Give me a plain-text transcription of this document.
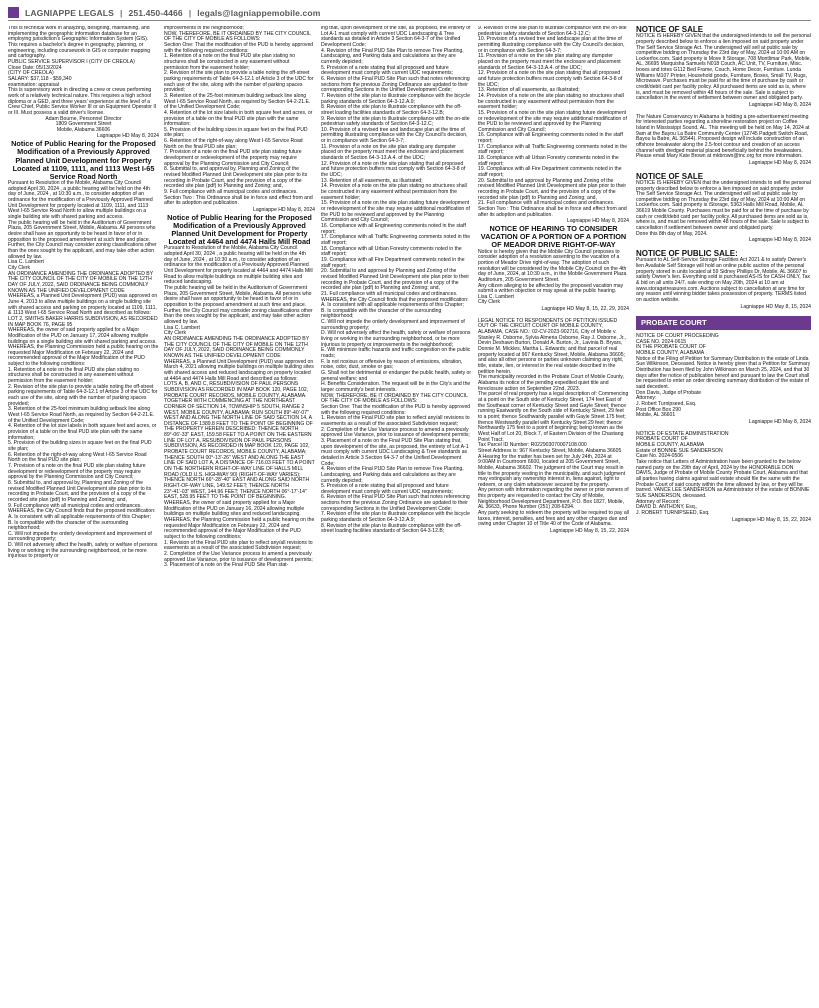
LAGNIAPPE LEGALS | 251.450-4466 | legals@lagniappemobile.com

This is technical work in analyzing, designing, maintaining, and implementing the geographic information database for an employing jurisdiction's Geographic Information System (GIS). This requires a bachelor's degree in geography, planning, or engineering, including coursework in GIS or computer mapping and cartography.
PUBLIC SERVICE SUPERVISOR I (CITY OF CREOLA)
Close Date: 05/13/2024
(CITY OF CREOLA)
SALARY: $37,118 - $59,340
examination: appraisal
This is supervisory work in directing a crew or crews performing work of a relatively technical nature. This requires a high school diploma or a GED, and three years' experience at the level of a Crew Chief, Public Service Worker III or an Equipment Operator II or III. Must possess a valid driver's license.

Adam Bourne, Personnel Director
1809 Government Street
Mobile, Alabama 36606

Lagniappe HD May 8, 2024

Notice of Public Hearing for the Proposed Modification of a Previously Approved Planned Unit Development for Property Located at 1109, 1111, and 1113 West I-65 Service Road North

Pursuant to Resolution of the Mobile, Alabama City Council adopted April 30, 2024 , a public hearing will be held on the 4th day of June, 2024 , at 10:30 a.m., to consider adoption of an ordinance for the modification of a Previously Approved Planned Unit Development for property located at 1109, 1111, and 1113 West I-65 Service Road North to allow multiple buildings on a single building site with shared parking and access.
The public hearing will be held in the Auditorium of Government Plaza, 205 Government Street, Mobile, Alabama. All persons who desire shall have an opportunity to be heard in favor of or in opposition to the proposed amendment at such time and place. Further, the City Council may consider zoning classifications other than the ones sought by the applicant, and may take other action allowed by law.
Lisa C. Lambert
City Clerk
AN ORDINANCE AMENDING THE ORDINANCE ADOPTED BY THE CITY COUNCIL OF THE CITY OF MOBILE ON THE 12TH DAY OF JULY, 2022, SAID ORDINANCE BEING COMMONLY KNOWN AS THE UNIFIED DEVELOPMENT CODE
WHEREAS, a Planned Unit Development (PUD) was approved on June 4, 2013 to allow multiple buildings on a single building site with shared access and parking on property located at 1109, 1111, & 1113 West I-65 Service Road North and described as follows:
LOT 2, SMITHS BAKER HARRIS SUBDIVISION, AS RECORDED IN MAP BOOK 76, PAGE 95
WHEREAS, the owner of said property applied for a Major Modification of the PUD on January 17, 2024 allowing multiple buildings on a single building site with shared parking and access.
WHEREAS, the Planning Commission held a public hearing on the requested Major Modification on February 22, 2024 and recommended approval of the Major Modification of the PUD subject to the following conditions:
1. Retention of a note on the final PUD site plan stating no structures shall be constructed in any easement without permission from the easement holder;
2. Revision of the site plan to provide a table noting the off-street parking requirements of Table 64-3-12.1 of Article 3 of the UDC for each use of the site, along with the number of parking spaces provided;
3. Retention of the 25-foot minimum building setback line along West I-65 Service Road North, as required by Section 64-2-21.E. of the Unified Development Code;
4. Retention of the lot size labels in both square feet and acres, or provision of a table on the final PUD site plan with the same information;
5. Provision of the building sizes in square feet on the final PUD site plan;
6. Retention of the right-of-way along West I-65 Service Road North on the final PUD site plan;
7. Provision of a note on the final PUD site plan stating future development or redevelopment of the property may require approval by the Planning Commission and City Council;
8. Submittal to, and approval by, Planning and Zoning of the revised Modified Planned Unit Development site plan prior to its recording in Probate Court, and the provision of a copy of the recorded site plan (pdf) to Planning and Zoning; and,
9. Full compliance with all municipal codes and ordinances.
WHEREAS, the City Council finds that the proposed modification:
A. Is consistent with all applicable requirements of this Chapter;
B. Is compatible with the character of the surrounding neighborhood;
C. Will not impede the orderly development and improvement of surrounding property;
D. Will not adversely affect the health, safety or welfare of persons living or working in the surrounding neighborhood, or be more injurious to property or

improvements in the neighborhood;
NOW, THEREFORE, BE IT ORDAINED BY THE CITY COUNCIL OF THE CITY OF MOBILE AS FOLLOWS:
Section One: That the modification of the PUD is hereby approved with the following required conditions:
1. Retention of a note on the final PUD site plan stating no structures shall be constructed in any easement without permission from the easement holder;
2. Revision of the site plan to provide a table noting the off-street parking requirements of Table 64-3-12.1 of Article 3 of the UDC for each use of the site, along with the number of parking spaces provided;
3. Retention of the 25-foot minimum building setback line along West I-65 Service Road North, as required by Section 64-2-21.E. of the Unified Development Code;
4. Retention of the lot size labels in both square feet and acres, or provision of a table on the final PUD site plan with the same information;
5. Provision of the building sizes in square feet on the final PUD site plan;
6. Retention of the right-of-way along West I-65 Service Road North on the final PUD site plan;
7. Provision of a note on the final PUD site plan stating future development or redevelopment of the property may require approval by the Planning Commission and City Council;
8. Submittal to, and approval by, Planning and Zoning of the revised Modified Planned Unit Development site plan prior to its recording in Probate Court, and the provision of a copy of the recorded site plan (pdf) to Planning and Zoning; and,
9. Full compliance with all municipal codes and ordinances.
Section Two : This Ordinance shall be in force and effect from and after its adoption and publication.

Lagniappe HD May 8, 2024

Notice of Public Hearing for the Proposed Modification of a Previously Approved Planned Unit Development for Property Located at 4464 and 4474 Halls Mill Road

Pursuant to Resolution of the Mobile, Alabama City Council adopted April 30, 2024 , a public hearing will be held on the 4th day of June, 2024 , at 10:30 a.m., to consider adoption of an ordinance for the modification of a Previously Approved Planned Unit Development for property located at 4464 and 4474 Halls Mill Road to allow multiple buildings on multiple building sites and reduced landscaping.
The public hearing will be held in the Auditorium of Government Plaza, 205 Government Street, Mobile, Alabama. All persons who desire shall have an opportunity to be heard in favor of or in opposition to the proposed amendment at such time and place. Further, the City Council may consider zoning classifications other than the ones sought by the applicant, and may take other action allowed by law.
Lisa C. Lambert
City Clerk
AN ORDINANCE AMENDING THE ORDINANCE ADOPTED BY THE CITY COUNCIL OF THE CITY OF MOBILE ON THE 12TH DAY OF JULY, 2022, SAID ORDINANCE BEING COMMONLY KNOWN AS THE UNIFIED DEVELOPMENT CODE
WHEREAS, a Planned Unit Development (PUD) was approved on March 4, 2021 allowing multiple buildings on multiple building sites with shared access and reduced landscaping on property located at 4464 and 4474 Halls Mill Road and described as follows:
LOTS A, B, AND C, RESUBDIVISION OF PAUL PERSONS SUBDIVISION AS RECORDED IN MAP BOOK 120, PAGE 102, PROBATE COURT RECORDS, MOBILE COUNTY, ALABAMA.
TOGETHER WITH COMMENCING AT THE NORTHEAST CORNER OF SECTION 14, TOWNSHIP 5 SOUTH, RANGE 2 WEST, MOBILE COUNTY, ALABAMA; RUN SOUTH 89°-40'-07" WEST AND ALONG THE NORTH LINE OF SAID SECTION 14, A DISTANCE OF 1389.8 FEET TO THE POINT OF BEGINNING OF THE PROPERTY HEREIN DESCRIBED: THENCE NORTH 89°-06'-33" EAST, 159.58 FEET TO A POINT ON THE EASTERN LINE OF LOT A, RESUBDIVISION OF PAUL PERSONS SUBDIVISION, AS RECORDED IN MAP BOOK 120, PAGE 102, PROBATE COURT RECORDS, MOBILE COUNTY, ALABAMA; THENCE SOUTH 00°-13'-26" WEST AND ALONG THE EAST LINE OF SAID LOT A, A DISTANCE OF 716.03 FEET TO A POINT ON THE NORTHERN RIGHT-OF-WAY LINE OF HALLS MILL ROAD (OLD U.S. HIGHWAY 90) (RIGHT-OF-WAY VARIES); THENCE NORTH 66°-28'-40" EAST AND ALONG SAID NORTH RIGHT-OF-WAY LINE, 149.52 FEET; THENCE NORTH 23°-41'-03" WEST, 144.96 FEET; THENCE NORTH 06°-17'-14" EAST, 528.95 FEET TO THE POINT OF BEGINNING.
WHEREAS, the owner of said property applied for a Major Modification of the PUD on January 16, 2024 allowing multiple buildings on multiple building sites and reduced landscaping.
WHEREAS, the Planning Commission held a public hearing on the requested Major Modification on February 22, 2024 and recommended approval of the Major Modification of the PUD subject to the following conditions:
1. Revision of the Final PUD site plan to reflect any/all revisions to easements as a result of the associated Subdivision request;
2. Completion of the Use Variance process to amend a previously approved Use Variance, prior to issuance of development permits;
3. Placement of a note on the Final PUD Site Plan stat-

ing that, upon development of the site, as proposed, the entirety of Lot A-1 must comply with current UDC Landscaping & Tree standards as detailed in Article 3 Section 64-3-7 of the Unified Development Code;
4. Revision of the Final PUD Site Plan to remove Tree Planting, Landscaping, and Parking data and calculations as they are currently depicted;
5. Provision of a note stating that all proposed and future development must comply with current UDC requirements;
6. Revision of the Final PUD Site Plan such that notes referencing sections from the previous Zoning Ordinance are updated to their corresponding Sections in the Unified Development Code;
7. Revision of the site plan to illustrate compliance with the bicycle parking standards of Section 64-3-12.A.9;
8. Revision of the site plan to illustrate compliance with the off-street loading facilities standards of Section 64-3-12.B;
9. Revision of the site plan to illustrate compliance with the on-site pedestrian safety standards of Section 64-3-12.C;
10. Provision of a revised tree and landscape plan at the time of permitting illustrating compliance with the City Council's decision, or in compliance with Section 64-3-7;
11. Provision of a note on the site plan stating any dumpster placed on the property must meet the enclosure and placement standards of Section 64-3-13.A.4. of the UDC;
12. Provision of a note on the site plan stating that all proposed and future protection buffers must comply with Section 64-3-8 of the UDC;
13. Retention of all easements, as illustrated;
14. Provision of a note on the site plan stating no structures shall be constructed in any easement without permission from the easement holder;
15. Provision of a note on the site plan stating future development or redevelopment of the site may require additional modification of the PUD to be reviewed and approved by the Planning Commission and City Council;
16. Compliance with all Engineering comments noted in the staff report;
17. Compliance with all Traffic Engineering comments noted in the staff report;
18. Compliance with all Urban Forestry comments noted in the staff report;
19. Compliance with all Fire Department comments noted in the staff report;
20. Submittal to and approval by Planning and Zoning of the revised Modified Planned Unit Development site plan prior to their recording in Probate Court, and the provision of a copy of the recorded site plan (pdf) to Planning and Zoning; and,
21. Full compliance with all municipal codes and ordinances.
WHEREAS, the City Council finds that the proposed modification:
A. Is consistent with all applicable requirements of this Chapter;
B. Is compatible with the character of the surrounding neighborhood;
C. Will not impede the orderly development and improvement of surrounding property;
D. Will not adversely affect the health, safety or welfare of persons living or working in the surrounding neighborhood, or be more injurious to property or improvements in the neighborhood;
E. Will minimize traffic hazards and traffic congestion on the public roads;
F. Is not noxious or offensive by reason of emissions, vibration, noise, odor, dust, smoke or gas;
G. Shall not be detrimental or endanger the public health, safety or general welfare; and
H. Benefits Consideration. The request will be in the City's and the larger community's best interests.
NOW, THEREFORE, BE IT ORDAINED BY THE CITY COUNCIL OF THE CITY OF MOBILE AS FOLLOWS:
Section One: That the modification of the PUD is hereby approved with the following required conditions:
1. Revision of the Final PUD site plan to reflect any/all revisions to easements as a result of the associated Subdivision request;
2. Completion of the Use Variance process to amend a previously approved Use Variance, prior to issuance of development permits;
3. Placement of a note on the Final PUD Site Plan stating that, upon development of the site, as proposed, the entirety of Lot A-1 must comply with current UDC Landscaping & Tree standards as detailed in Article 3 Section 64-3-7 of the Unified Development Code;
4. Revision of the Final PUD Site Plan to remove Tree Planting, Landscaping, and Parking data and calculations as they are currently depicted;
5. Provision of a note stating that all proposed and future development must comply with current UDC requirements;
6. Revision of the Final PUD Site Plan such that notes referencing sections from the previous Zoning Ordinance are updated to their corresponding Sections in the Unified Development Code;
7. Revision of the site plan to illustrate compliance with the bicycle parking standards of Section 64-3-12.A.9;
8. Revision of the site plan to illustrate compliance with the off-street loading facilities standards of Section 64-3-12.B;

9. Revision of the site plan to illustrate compliance with the on-site pedestrian safety standards of Section 64-3-12.C;
10. Provision of a revised tree and landscape plan at the time of permitting illustrating compliance with the City Council's decision, or in compliance with Section 64-3-7;
11. Provision of a note on the site plan stating any dumpster placed on the property must meet the enclosure and placement standards of Section 64-3-13.A.4. of the UDC;
12. Provision of a note on the site plan stating that all proposed and future protection buffers must comply with Section 64-3-8 of the UDC;
13. Retention of all easements, as illustrated;
14. Provision of a note on the site plan stating no structures shall be constructed in any easement without permission from the easement holder;
15. Provision of a note on the site plan stating future development or redevelopment of the site may require additional modification of the PUD to be reviewed and approved by the Planning Commission and City Council;
16. Compliance with all Engineering comments noted in the staff report;
17. Compliance with all Traffic Engineering comments noted in the staff report;
18. Compliance with all Urban Forestry comments noted in the staff report;
19. Compliance with all Fire Department comments noted in the staff report;
20. Submittal to and approval by Planning and Zoning of the revised Modified Planned Unit Development site plan prior to their recording in Probate Court, and the provision of a copy of the recorded site plan (pdf) to Planning and Zoning; and,
21. Full compliance with all municipal codes and ordinances.
Section Two : This Ordinance shall be in force and effect from and after its adoption and publication.

Lagniappe HD May 8, 2024

NOTICE OF HEARING TO CONSIDER VACATION OF A PORTION OF A PORTION OF MEADOR DRIVE RIGHT-OF-WAY

Notice is hereby given that the Mobile City Council proposes to consider adoption of a resolution assenting to the vacation of a portion of Meador Drive right-of-way. The adoption of such resolution will be considered by the Mobile City Council on the 4th day of June, 2024, at 10:30 a.m., in the Mobile Government Plaza Auditorium, 205 Government Street.
Any citizen alleging to be affected by the proposed vacation may submit a written objection or may speak at the public hearing.
Lisa C. Lambert
City Clerk

Lagniappe HD May 8, 15, 22, 29, 2024

LEGAL NOTICE TO RESPONDENTS OF PETITION ISSUED OUT OF THE CIRCUIT COURT OF MOBILE COUNTY, ALABAMA, CASE NO.: 02-CV-2023-902716, City of Mobile v. Stanley R. Osborne, Sylvia Almeria Osborne, Ray J. Osborne, Jr., Devin Deshawn Burton, Donald A. Burton, Jr., Lavinia B. Bryars, Donnie M. Mickles, Martha L. Edwards; and that parcel of real property located at 967 Kentucky Street, Mobile, Alabama 36605; and also all other persons or parties unknown claiming any right, title, estate, lien, or interest in the real estate described in the petition herein.
The municipality recorded in the Probate Court of Mobile County, Alabama its notice of the pending expedited quiet title and foreclosure action on September 22nd, 2023.
The parcel of real property has a legal description of: Commencing at a point on the South side of Kentucky Street, 174 feet East of the Southeast corner of Kentucky Street and Gayle Street; thence running Eastwardly on the South side of Kentucky Street, 29 feet to a point; thence Southwardly parallel with Gayle Street 175 feet; thence Westwardly parallel with Kentucky Street 29 feet; thence Northwardly 175 feet to a point of beginning; being known as the West Half of Lot 20, Block 7, of Eastern Division of the Chastang Point Tract.
Tax Parcel ID Number: R022903070007108.000
Street Address is: 967 Kentucky Street, Mobile, Alabama 36605
A Hearing for the matter has been set for July 24th, 2024 at 9:00AM in Courtroom 6600, located at 205 Government Street, Mobile, Alabama 36602. The judgment of the Court may result in title to the property vesting in the municipality, and such judgment may extinguish any ownership interest in, liens against, right to redeem, or any claim whatsoever secured by the property.
Any person with information regarding the owner or prior owners of this property are requested to contact the City of Mobile, Neighborhood Development Department, P.O. Box 1827, Mobile, AL 36633, Phone Number (251) 208-6294.
Any party seeking to redeem the property will be required to pay all taxes, interest, penalties, and fees and any other charges due and owing under Chapter 10 of Title 40 of the Code of Alabama.

Lagniappe HD May 8, 15, 22, 2024

NOTICE OF SALE

NOTICE IS HEREBY GIVEN that the undersigned intends to sell the personal property described below to enforce a lien imposed on said property under The Self Service Storage Act. The undersigned will sell at public sale by competitive bidding on Thursday the 23rd day of May, 2024 at 10:00 AM on Lockerfox.com. Said property is Move It Storage, 708 Montlimar Park, Mobile, AL, 36695 Marquisha Samuels N018 Couch, AC Unit, TV, Furniture, Misc. boxes and totes G112 Bed Frame, Couch, Home Decor, Furniture. Lunda Williams M107 Printer, Household goods, Furniture, Boxes, Small TV, Rugs, Microwave. Purchases must be paid for at the time of purchase by cash or credit/debit card per facility policy. All purchased items are sold as is, where is, and must be removed within 48 hours of the sale. Sale is subject to cancellation in the event of settlement between owner and obligated party.

Lagniappe HD May 8, 2024

The Nature Conservancy in Alabama is holding a pre-advertisement meeting for interested parties regarding a shoreline restoration project on Coffee Island in Mississippi Sound, AL. This meeting will be held on May 14, 2024 at 9am at the Bayou La Batre Community Center (12745 Padgett Switch Road, Bayou la Batre, AL 36544). Proposed design will include construction of an offshore breakwater along the 2.5-foot contour and creation of an access channel with dredged material placed beneficially behind the breakwaters. Please email Mary Kate Brown at mkbrown@tnc.org for more information.

Lagniappe HD May 8, 2024

NOTICE OF SALE

NOTICE IS HEREBY GIVEN that the undersigned intends to sell the personal property described below to enforce a lien imposed on said property under The Self Service Storage Act. The undersigned will sell at public sale by competitive bidding on Thursday the 23rd day of May, 2024 at 10:00 AM on Lockerfox.com. Said property is iStorage, 5363 Halls Mill Road, Mobile, AL 36619 Mobile County. Purchases must be paid for at the time of purchase by cash or credit/debit card per facility policy. All purchased items are sold as is, where is, and must be removed within 48 hours of the sale. Sale is subject to cancellation if settlement between owner and obligated party.
Done this 8th day of May, 2024.

Lagniappe HD May 8, 2024

NOTICE OF PUBLIC SALE:

Pursuant to AL Self-Service Storage Facilities Act 2021 & to satisfy Owner's lien Available Self Storage will hold an online public auction of the personal property stored in units located at 59 Sidney Phillips Dr, Mobile, AL 36607 to satisfy Owner's lien. Everything sold is purchased AS-IS for CASH ONLY, Tax & bid on all units 24/7, sale ending on May 20th, 2024 at 10 am at www.storagetreasures.com. Auctions subject to cancellation at any time for any reason until winning bidder takes possession of property. TERMS listed on auction website.

Lagniappe HD May 8, 15, 2024

PROBATE COURT

NOTICE OF COURT PROCEEDING
CASE NO. 2024-0615
IN THE PROBATE COURT OF
MOBILE COUNTY, ALABAMA
Notice of the Filing of Petition for Summary Distribution in the estate of Linda Sue Wilkinson, Deceased. Notice is hereby given that a Petition for Summary Distribution has been filed by John Wilkinson on March 25, 2024, and that 30 days after the notice of publication hereof and pursuant to law the Court shall be requested to enter an order directing summary distribution of the estate of said decedent.
Don Davis, Judge of Probate
Attorney:
J. Robert Turnipseed, Esq.
Post Office Box 290
Mobile, AL 36601

Lagniappe HD May 8, 2024

NOTICE OF ESTATE ADMINISTRATION
PROBATE COURT OF
MOBILE COUNTY, ALABAMA
Estate of BONNIE SUE SANDERSON
Case No. 2024-0506
Take notice that Letters of Administration have been granted to the below named party on the 29th day of April, 2024 by the HONORABLE DON DAVIS, Judge of Probate of Mobile County Probate Court, Alabama and that all parties having claims against said estate should file the same with the Probate Court of said county within the time allowed by law, or they will be barred. VANCE LEE SANDERSON as Administrator of the estate of BONNIE SUE SANDERSON, deceased.
Attorney of Record:
DAVID D. ANTHONY, Esq.,
J. ROBERT TURNIPSEED, Esq.

Lagniappe HD May 8, 15, 22, 2024
